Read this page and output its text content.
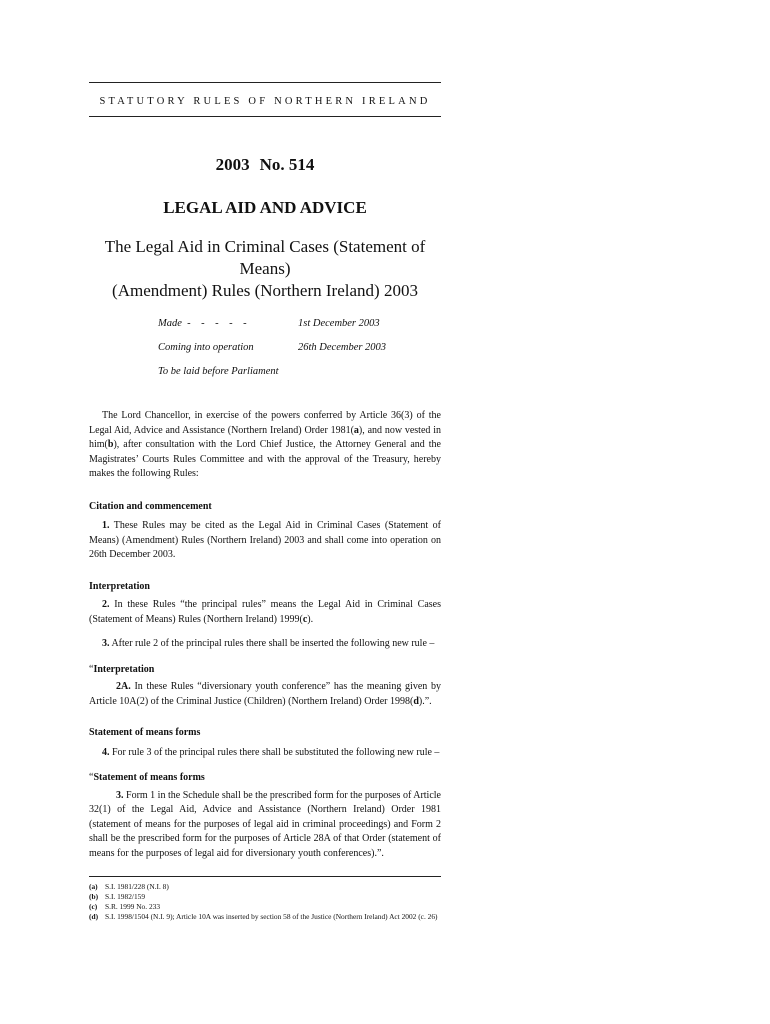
STATUTORY RULES OF NORTHERN IRELAND
2003 No. 514
LEGAL AID AND ADVICE
The Legal Aid in Criminal Cases (Statement of Means)
(Amendment) Rules (Northern Ireland) 2003
Made  -    -    -    -    -	1st December 2003
Coming into operation	26th December 2003
To be laid before Parliament

The Lord Chancellor, in exercise of the powers conferred by Article 36(3) of the Legal Aid, Advice and Assistance (Northern Ireland) Order 1981(a), and now vested in him(b), after consultation with the Lord Chief Justice, the Attorney General and the Magistrates’ Courts Rules Committee and with the approval of the Treasury, hereby makes the following Rules:

Citation and commencement

1. These Rules may be cited as the Legal Aid in Criminal Cases (Statement of Means) (Amendment) Rules (Northern Ireland) 2003 and shall come into operation on 26th December 2003.

Interpretation

2. In these Rules “the principal rules” means the Legal Aid in Criminal Cases (Statement of Means) Rules (Northern Ireland) 1999(c).

3. After rule 2 of the principal rules there shall be inserted the following new rule –

“Interpretation

2A. In these Rules “diversionary youth conference” has the meaning given by Article 10A(2) of the Criminal Justice (Children) (Northern Ireland) Order 1998(d).”.

Statement of means forms

4. For rule 3 of the principal rules there shall be substituted the following new rule –

“Statement of means forms

3. Form 1 in the Schedule shall be the prescribed form for the purposes of Article 32(1) of the Legal Aid, Advice and Assistance (Northern Ireland) Order 1981 (statement of means for the purposes of legal aid in criminal proceedings) and Form 2 shall be the prescribed form for the purposes of Article 28A of that Order (statement of means for the purposes of legal aid for diversionary youth conferences).”.

(a) S.I. 1981/228 (N.I. 8)
(b) S.I. 1982/159
(c) S.R. 1999 No. 233
(d) S.I. 1998/1504 (N.I. 9); Article 10A was inserted by section 58 of the Justice (Northern Ireland) Act 2002 (c. 26)
